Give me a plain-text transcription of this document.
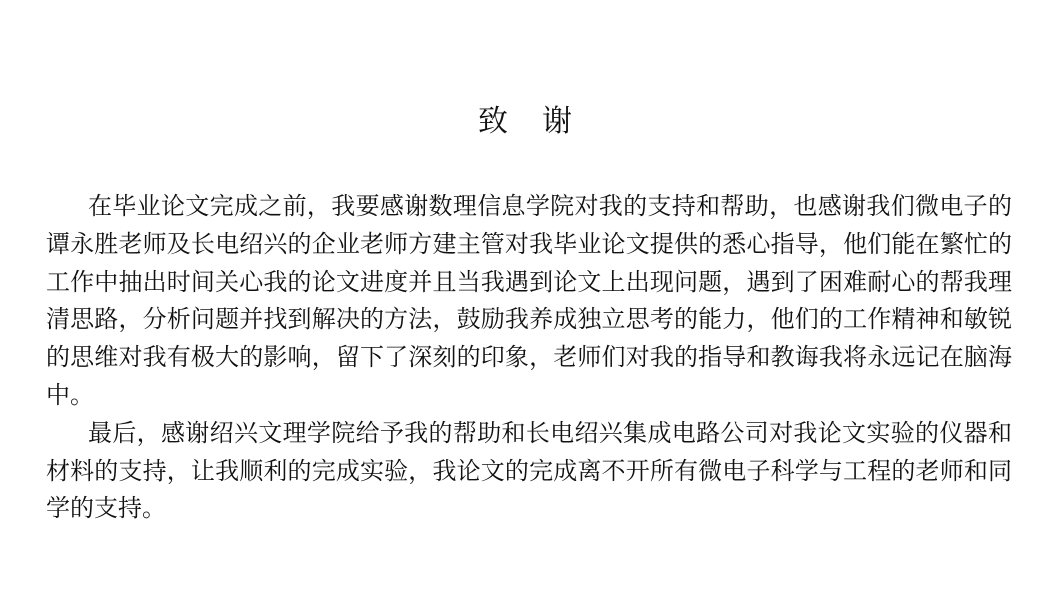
致谢

在毕业论文完成之前，我要感谢数理信息学院对我的支持和帮助，也感谢我们微电子的谭永胜老师及长电绍兴的企业老师方建主管对我毕业论文提供的悉心指导，他们能在繁忙的工作中抽出时间关心我的论文进度并且当我遇到论文上出现问题，遇到了困难耐心的帮我理清思路，分析问题并找到解决的方法，鼓励我养成独立思考的能力，他们的工作精神和敏锐的思维对我有极大的影响，留下了深刻的印象，老师们对我的指导和教诲我将永远记在脑海中。

最后，感谢绍兴文理学院给予我的帮助和长电绍兴集成电路公司对我论文实验的仪器和材料的支持，让我顺利的完成实验，我论文的完成离不开所有微电子科学与工程的老师和同学的支持。
